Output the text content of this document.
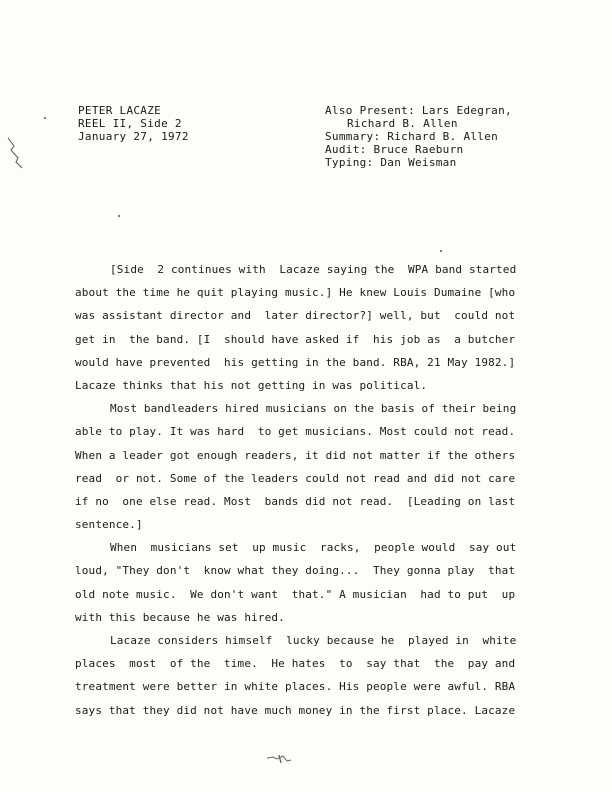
PETER LACAZE
REEL II, Side 2
January 27, 1972
Also Present: Lars Edegran,
Richard B. Allen
Summary: Richard B. Allen
Audit: Bruce Raeburn
Typing: Dan Weisman
[Side  2 continues with  Lacaze saying the  WPA band started
about the time he quit playing music.] He knew Louis Dumaine [who
was assistant director and  later director?] well, but  could not
get in  the band. [I  should have asked if  his job as  a butcher
would have prevented  his getting in the band. RBA, 21 May 1982.]
Lacaze thinks that his not getting in was political.
Most bandleaders hired musicians on the basis of their being
able to play. It was hard  to get musicians. Most could not read.
When a leader got enough readers, it did not matter if the others
read  or not. Some of the leaders could not read and did not care
if no  one else read. Most  bands did not read.  [Leading on last
sentence.]
When  musicians set  up music  racks,  people would  say out
loud, "They don't  know what they doing...  They gonna play  that
old note music.  We don't want  that." A musician  had to put  up
with this because he was hired.
Lacaze considers himself  lucky because he  played in  white
places  most  of the  time.  He hates  to  say that  the  pay and
treatment were better in white places. His people were awful. RBA
says that they did not have much money in the first place. Lacaze
